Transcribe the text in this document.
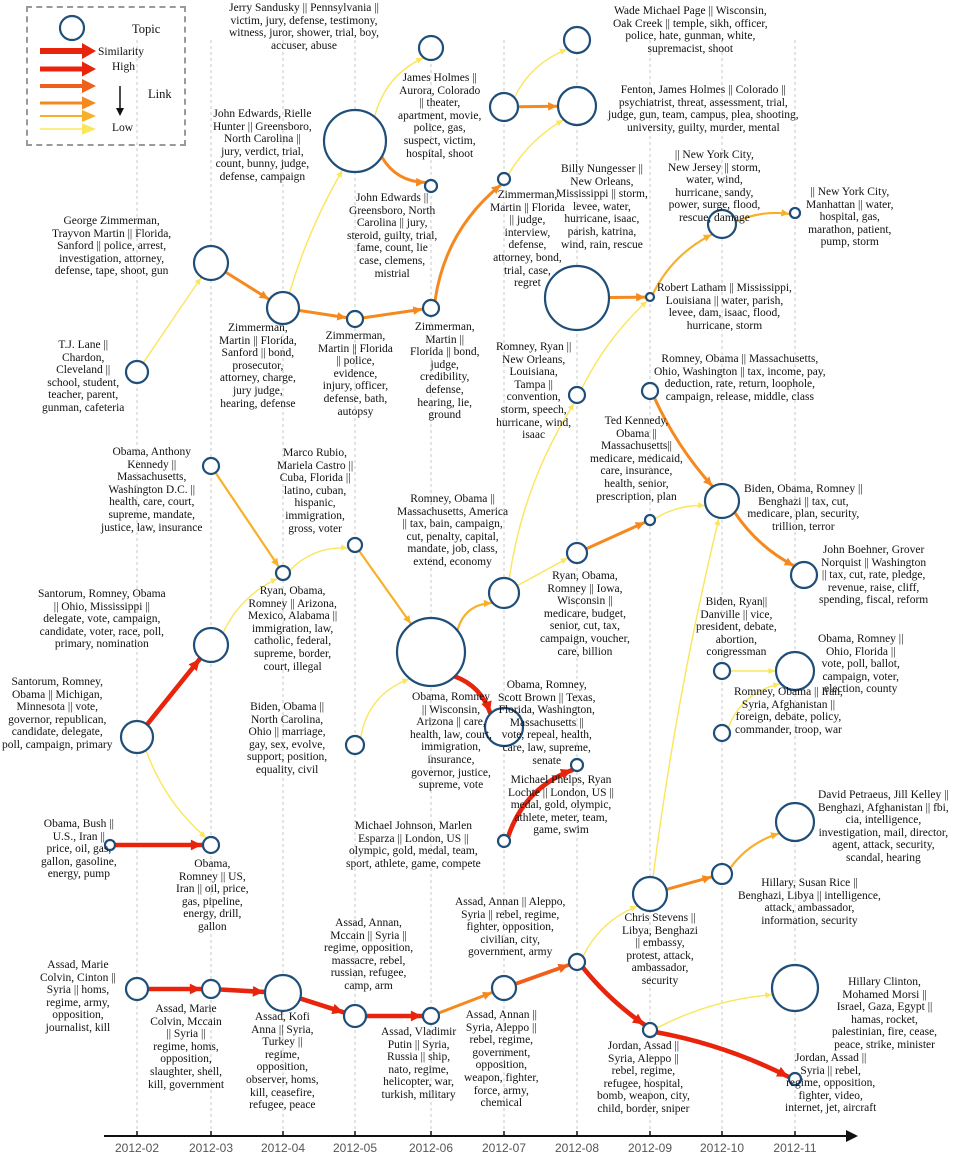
2012-02 2012-03 2012-04 2012-05	2012-06 2012-07 2012-08 2012-09 2012-10 2012-11
Topic
Similarity
High
Link
Low
Jerry Sandusky || Pennsylvania ||
victim, jury, defense, testimony,
witness, juror, shower, trial, boy,
accuser, abuse
Wade Michael Page || Wisconsin,
Oak Creek || temple, sikh, officer,
police, hate, gunman, white,
supremacist, shoot
James Holmes ||
Aurora, Colorado
|| theater,
apartment, movie,
police, gas,
suspect, victim,
hospital, shoot
Fenton, James Holmes || Colorado ||
psychiatrist, threat, assessment, trial,
judge, gun, team, campus, plea, shooting,
university, guilty, murder, mental
John Edwards, Rielle
Hunter || Greensboro,
North Carolina ||
jury, verdict, trial,
count, bunny, judge,
defense, campaign
John Edwards ||
Greensboro, North
Carolina || jury,
steroid, guilty, trial,
fame, count, lie
case, clemens,
mistrial
Zimmerman,
Martin || Florida
|| judge,
interview,
defense,
attorney, bond,
trial, case,
regret
Billy Nungesser ||
New Orleans,
Mississippi || storm,
levee, water,
hurricane, isaac,
parish, katrina,
wind, rain, rescue
|| New York City,
New Jersey || storm,
water, wind,
hurricane, sandy,
power, surge, flood,
rescue, damage
|| New York City,
Manhattan || water,
hospital, gas,
marathon, patient,
pump, storm
Robert Latham || Mississippi,
Louisiana || water, parish,
levee, dam, isaac, flood,
hurricane, storm
George Zimmerman,
Trayvon Martin || Florida,
Sanford || police, arrest,
investigation, attorney,
defense, tape, shoot, gun
Zimmerman,
Martin || Florida,
Sanford || bond,
prosecutor,
attorney, charge,
jury judge,
hearing, defense
Zimmerman,
Martin || Florida
|| police,
evidence,
injury, officer,
defense, bath,
autopsy
Zimmerman,
Martin ||
Florida || bond,
judge,
credibility,
defense,
hearing, lie,
ground
T.J. Lane ||
Chardon,
Cleveland ||
school, student,
teacher, parent,
gunman, cafeteria
Romney, Ryan ||
New Orleans,
Louisiana,
Tampa ||
convention,
storm, speech,
hurricane, wind,
isaac
Romney, Obama || Massachusetts,
Ohio, Washington || tax, income, pay,
deduction, rate, return, loophole,
campaign, release, middle, class
Obama, Anthony
Kennedy ||
Massachusetts,
Washington D.C. ||
health, care, court,
supreme, mandate,
justice, law, insurance
Marco Rubio,
Mariela Castro ||
Cuba, Florida ||
latino, cuban,
hispanic,
immigration,
gross, voter
Romney, Obama ||
Massachusetts, America
|| tax, bain, campaign,
cut, penalty, capital,
mandate, job, class,
extend, economy
Ted Kennedy,
Obama ||
Massachusetts||
medicare, medicaid,
care, insurance,
health, senior,
prescription, plan
Biden, Obama, Romney ||
Benghazi || tax, cut,
medicare, plan, security,
trillion, terror
John Boehner, Grover
Norquist || Washington
|| tax, cut, rate, pledge,
revenue, raise, cliff,
spending, fiscal, reform
Santorum, Romney, Obama
|| Ohio, Mississippi ||
delegate, vote, campaign,
candidate, voter, race, poll,
primary, nomination
Ryan, Obama,
Romney || Arizona,
Mexico, Alabama ||
immigration, law,
catholic, federal,
supreme, border,
court, illegal
Ryan, Obama,
Romney || Iowa,
Wisconsin ||
medicare, budget,
senior, cut, tax,
campaign, voucher,
care, billion
Biden, Ryan||
Danville || vice,
president, debate,
abortion,
congressman
Obama, Romney ||
Ohio, Florida ||
vote, poll, ballot,
campaign, voter,
election, county
Santorum, Romney,
Obama || Michigan,
Minnesota || vote,
governor, republican,
candidate, delegate,
poll, campaign, primary
Biden, Obama ||
North Carolina,
Ohio || marriage,
gay, sex, evolve,
support, position,
equality, civil
Obama, Romney
|| Wisconsin,
Arizona || care,
health, law, court,
immigration,
insurance,
governor, justice,
supreme, vote
Obama, Romney,
Scott Brown || Texas,
Florida, Washington,
Massachusetts ||
vote, repeal, health,
care, law, supreme,
senate
Romney, Obama || Iran,
Syria, Afghanistan ||
foreign, debate, policy,
commander, troop, war
Michael Phelps, Ryan
Lochte || London, US ||
medal, gold, olympic,
athlete, meter, team,
game, swim
Michael Johnson, Marlen
Esparza || London, US ||
olympic, gold, medal, team,
sport, athlete, game, compete
Obama, Bush ||
U.S., Iran ||
price, oil, gas,
gallon, gasoline,
energy, pump
Obama,
Romney || US,
Iran || oil, price,
gas, pipeline,
energy, drill,
gallon
David Petraeus, Jill Kelley ||
Benghazi, Afghanistan || fbi,
cia, intelligence,
investigation, mail, director,
agent, attack, security,
scandal, hearing
Chris Stevens ||
Libya, Benghazi
|| embassy,
protest, attack,
ambassador,
security
Hillary, Susan Rice ||
Benghazi, Libya || intelligence,
attack, ambassador,
information, security
Assad, Marie
Colvin, Cinton ||
Syria || homs,
regime, army,
opposition,
journalist, kill
Assad, Marie
Colvin, Mccain
|| Syria ||
regime, homs,
opposition,
slaughter, shell,
kill, government
Assad, Kofi
Anna || Syria,
Turkey ||
regime,
opposition,
observer, homs,
kill, ceasefire,
refugee, peace
Assad, Annan,
Mccain || Syria ||
regime, opposition,
massacre, rebel,
russian, refugee,
camp, arm
Assad, Vladimir
Putin || Syria,
Russia || ship,
nato, regime,
helicopter, war,
turkish, military
Assad, Annan || Aleppo,
Syria || rebel, regime,
fighter, opposition,
civilian, city,
government, army
Assad, Annan ||
Syria, Aleppo ||
rebel, regime,
government,
opposition,
weapon, fighter,
force, army,
chemical
Jordan, Assad ||
Syria, Aleppo ||
rebel, regime,
refugee, hospital,
bomb, weapon, city,
child, border, sniper
Hillary Clinton,
Mohamed Morsi ||
Israel, Gaza, Egypt ||
hamas, rocket,
palestinian, fire, cease,
peace, strike, minister
Jordan, Assad ||
Syria || rebel,
regime, opposition,
fighter, video,
internet, jet, aircraft
